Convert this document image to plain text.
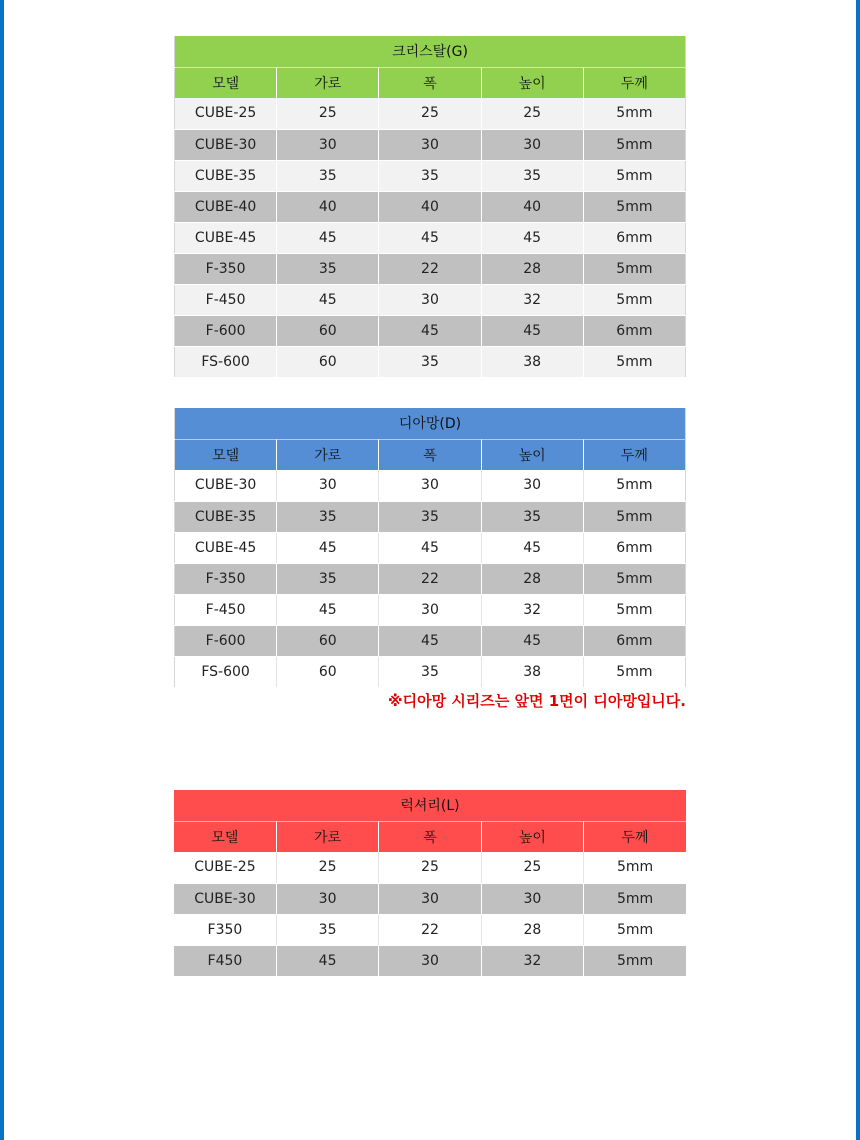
크리스탈(G)				
모델	가로	폭	높이	두께
CUBE-25	25	25	25	5mm
CUBE-30	30	30	30	5mm
CUBE-35	35	35	35	5mm
CUBE-40	40	40	40	5mm
CUBE-45	45	45	45	6mm
F-350	35	22	28	5mm
F-450	45	30	32	5mm
F-600	60	45	45	6mm
FS-600	60	35	38	5mm
디아망(D)				
모델	가로	폭	높이	두께
CUBE-30	30	30	30	5mm
CUBE-35	35	35	35	5mm
CUBE-45	45	45	45	6mm
F-350	35	22	28	5mm
F-450	45	30	32	5mm
F-600	60	45	45	6mm
FS-600	60	35	38	5mm
※디아망 시리즈는 앞면 1면이 디아망입니다.
럭셔리(L)				
모델	가로	폭	높이	두께
CUBE-25	25	25	25	5mm
CUBE-30	30	30	30	5mm
F350	35	22	28	5mm
F450	45	30	32	5mm
